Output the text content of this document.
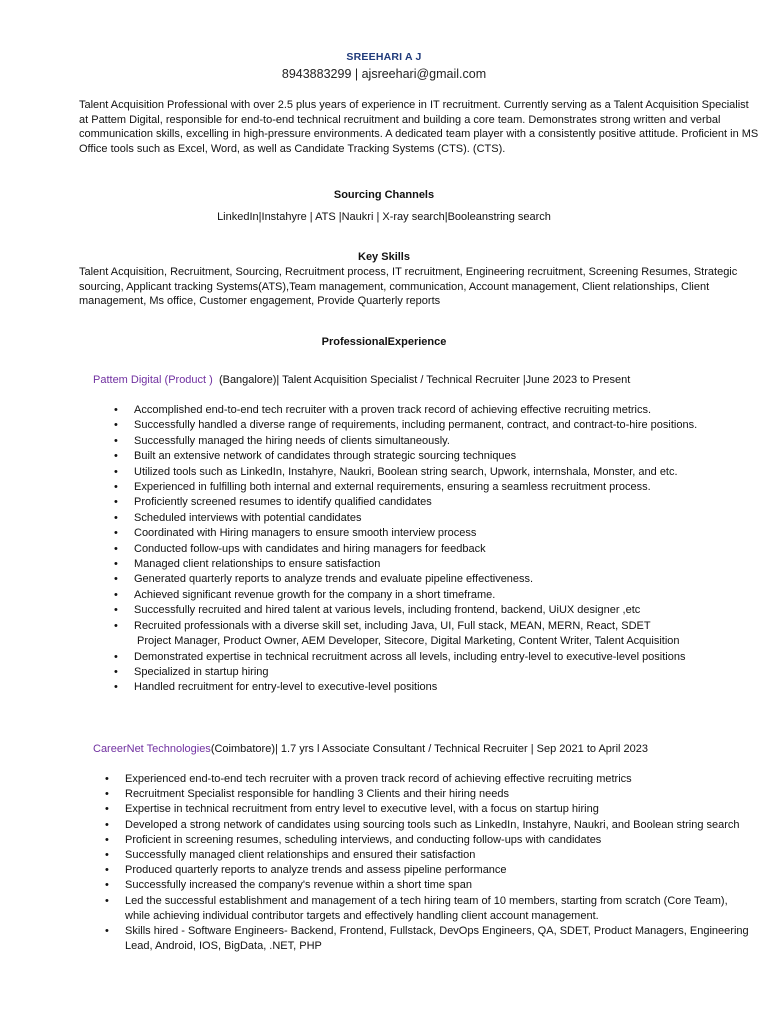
SREEHARI A J
8943883299 | ajsreehari@gmail.com
Talent Acquisition Professional with over 2.5 plus years of experience in IT recruitment. Currently serving as a Talent Acquisition Specialist at Pattem Digital, responsible for end-to-end technical recruitment and building a core team. Demonstrates strong written and verbal communication skills, excelling in high-pressure environments. A dedicated team player with a consistently positive attitude. Proficient in MS Office tools such as Excel, Word, as well as Candidate Tracking Systems (CTS). (CTS).
Sourcing Channels
LinkedIn|Instahyre | ATS |Naukri | X-ray search|Booleanstring search
Key Skills
Talent Acquisition, Recruitment, Sourcing, Recruitment process, IT recruitment, Engineering recruitment, Screening Resumes, Strategic sourcing, Applicant tracking Systems(ATS),Team management, communication, Account management, Client relationships, Client management, Ms office, Customer engagement, Provide Quarterly reports
ProfessionalExperience
Pattem Digital (Product )  (Bangalore)| Talent Acquisition Specialist / Technical Recruiter |June 2023 to Present
• Accomplished end-to-end tech recruiter with a proven track record of achieving effective recruiting metrics.
• Successfully handled a diverse range of requirements, including permanent, contract, and contract-to-hire positions.
• Successfully managed the hiring needs of clients simultaneously.
• Built an extensive network of candidates through strategic sourcing techniques
• Utilized tools such as LinkedIn, Instahyre, Naukri, Boolean string search, Upwork, internshala, Monster, and etc.
• Experienced in fulfilling both internal and external requirements, ensuring a seamless recruitment process.
• Proficiently screened resumes to identify qualified candidates
• Scheduled interviews with potential candidates
• Coordinated with Hiring managers to ensure smooth interview process
• Conducted follow-ups with candidates and hiring managers for feedback
• Managed client relationships to ensure satisfaction
• Generated quarterly reports to analyze trends and evaluate pipeline effectiveness.
• Achieved significant revenue growth for the company in a short timeframe.
• Successfully recruited and hired talent at various levels, including frontend, backend, UiUX designer ,etc
• Recruited professionals with a diverse skill set, including Java, UI, Full stack, MEAN, MERN, React, SDET
Project Manager, Product Owner, AEM Developer, Sitecore, Digital Marketing, Content Writer, Talent Acquisition
• Demonstrated expertise in technical recruitment across all levels, including entry-level to executive-level positions
• Specialized in startup hiring
• Handled recruitment for entry-level to executive-level positions
CareerNet Technologies(Coimbatore)| 1.7 yrs l Associate Consultant / Technical Recruiter | Sep 2021 to April 2023
• Experienced end-to-end tech recruiter with a proven track record of achieving effective recruiting metrics
• Recruitment Specialist responsible for handling 3 Clients and their hiring needs
• Expertise in technical recruitment from entry level to executive level, with a focus on startup hiring
• Developed a strong network of candidates using sourcing tools such as LinkedIn, Instahyre, Naukri, and Boolean string search
• Proficient in screening resumes, scheduling interviews, and conducting follow-ups with candidates
• Successfully managed client relationships and ensured their satisfaction
• Produced quarterly reports to analyze trends and assess pipeline performance
• Successfully increased the company's revenue within a short time span
• Led the successful establishment and management of a tech hiring team of 10 members, starting from scratch (Core Team), while achieving individual contributor targets and effectively handling client account management.
• Skills hired - Software Engineers- Backend, Frontend, Fullstack, DevOps Engineers, QA, SDET, Product Managers, Engineering Lead, Android, IOS, BigData, .NET, PHP
